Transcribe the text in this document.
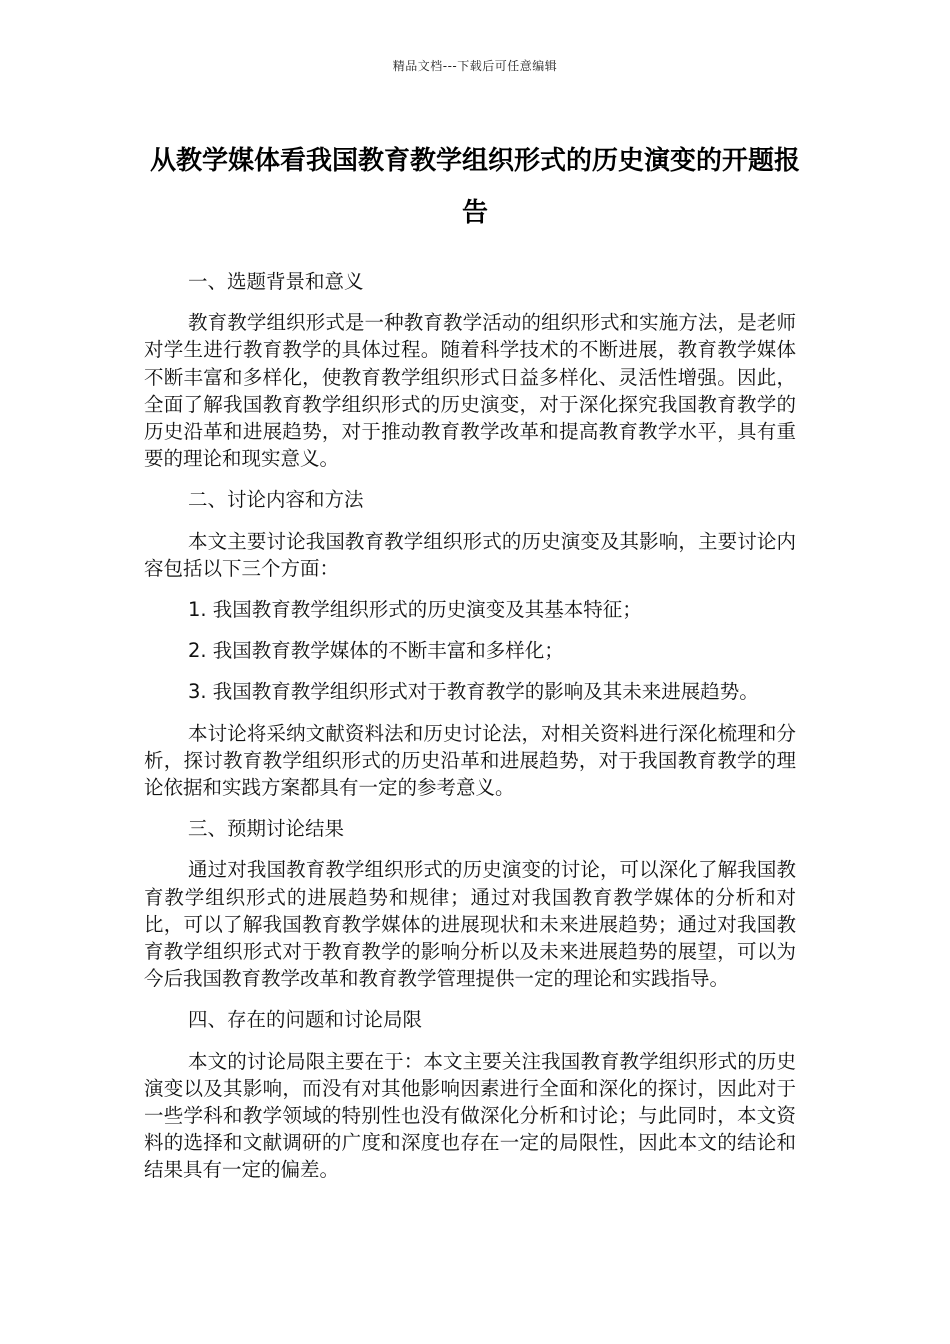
精品文档---下载后可任意编辑
从教学媒体看我国教育教学组织形式的历史演变的开题报告

一、选题背景和意义

教育教学组织形式是一种教育教学活动的组织形式和实施方法，是老师对学生进行教育教学的具体过程。随着科学技术的不断进展，教育教学媒体不断丰富和多样化，使教育教学组织形式日益多样化、灵活性增强。因此，全面了解我国教育教学组织形式的历史演变，对于深化探究我国教育教学的历史沿革和进展趋势，对于推动教育教学改革和提高教育教学水平，具有重要的理论和现实意义。

二、讨论内容和方法

本文主要讨论我国教育教学组织形式的历史演变及其影响，主要讨论内容包括以下三个方面：

1. 我国教育教学组织形式的历史演变及其基本特征；

2. 我国教育教学媒体的不断丰富和多样化；

3. 我国教育教学组织形式对于教育教学的影响及其未来进展趋势。

本讨论将采纳文献资料法和历史讨论法，对相关资料进行深化梳理和分析，探讨教育教学组织形式的历史沿革和进展趋势，对于我国教育教学的理论依据和实践方案都具有一定的参考意义。

三、预期讨论结果

通过对我国教育教学组织形式的历史演变的讨论，可以深化了解我国教育教学组织形式的进展趋势和规律；通过对我国教育教学媒体的分析和对比，可以了解我国教育教学媒体的进展现状和未来进展趋势；通过对我国教育教学组织形式对于教育教学的影响分析以及未来进展趋势的展望，可以为今后我国教育教学改革和教育教学管理提供一定的理论和实践指导。

四、存在的问题和讨论局限

本文的讨论局限主要在于：本文主要关注我国教育教学组织形式的历史演变以及其影响，而没有对其他影响因素进行全面和深化的探讨，因此对于一些学科和教学领域的特别性也没有做深化分析和讨论；与此同时，本文资料的选择和文献调研的广度和深度也存在一定的局限性，因此本文的结论和结果具有一定的偏差。
